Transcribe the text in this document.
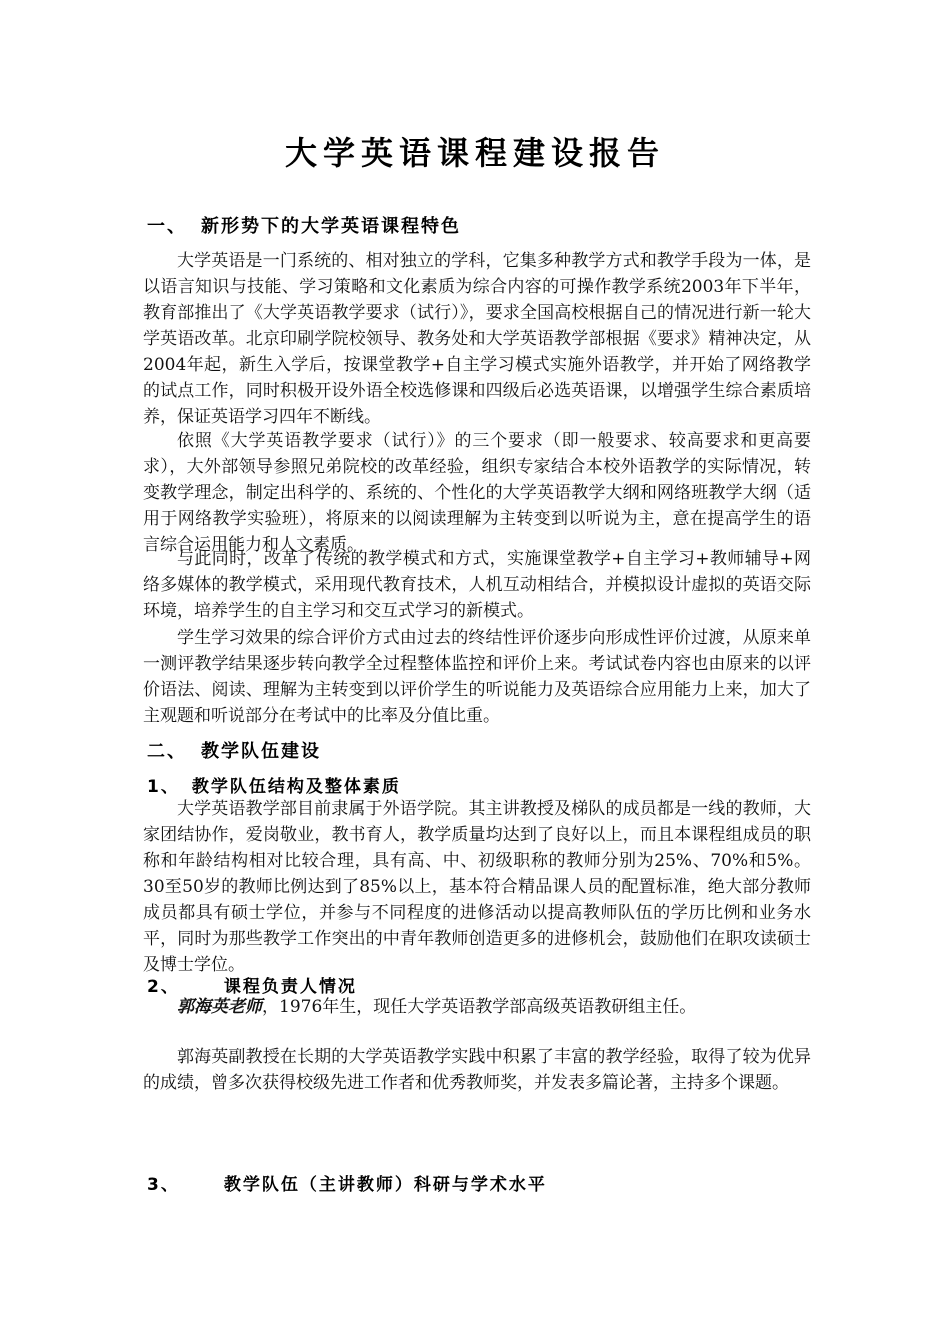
大学英语课程建设报告
一、 新形势下的大学英语课程特色

大学英语是一门系统的、相对独立的学科，它集多种教学方式和教学手段为一体，是以语言知识与技能、学习策略和文化素质为综合内容的可操作教学系统2003年下半年，教育部推出了《大学英语教学要求（试行）》，要求全国高校根据自己的情况进行新一轮大学英语改革。北京印刷学院校领导、教务处和大学英语教学部根据《要求》精神决定，从2004年起，新生入学后，按课堂教学+自主学习模式实施外语教学，并开始了网络教学的试点工作，同时积极开设外语全校选修课和四级后必选英语课，以增强学生综合素质培养，保证英语学习四年不断线。

依照《大学英语教学要求（试行）》的三个要求（即一般要求、较高要求和更高要求），大外部领导参照兄弟院校的改革经验，组织专家结合本校外语教学的实际情况，转变教学理念，制定出科学的、系统的、个性化的大学英语教学大纲和网络班教学大纲（适用于网络教学实验班），将原来的以阅读理解为主转变到以听说为主，意在提高学生的语言综合运用能力和人文素质。

与此同时，改革了传统的教学模式和方式，实施课堂教学+自主学习+教师辅导+网络多媒体的教学模式，采用现代教育技术，人机互动相结合，并模拟设计虚拟的英语交际环境，培养学生的自主学习和交互式学习的新模式。

学生学习效果的综合评价方式由过去的终结性评价逐步向形成性评价过渡，从原来单一测评教学结果逐步转向教学全过程整体监控和评价上来。考试试卷内容也由原来的以评价语法、阅读、理解为主转变到以评价学生的听说能力及英语综合应用能力上来，加大了主观题和听说部分在考试中的比率及分值比重。

二、 教学队伍建设
1、 教学队伍结构及整体素质

大学英语教学部目前隶属于外语学院。其主讲教授及梯队的成员都是一线的教师，大家团结协作，爱岗敬业，教书育人，教学质量均达到了良好以上，而且本课程组成员的职称和年龄结构相对比较合理，具有高、中、初级职称的教师分别为25%、70%和5%。30至50岁的教师比例达到了85%以上，基本符合精品课人员的配置标准，绝大部分教师成员都具有硕士学位，并参与不同程度的进修活动以提高教师队伍的学历比例和业务水平，同时为那些教学工作突出的中青年教师创造更多的进修机会，鼓励他们在职攻读硕士及博士学位。

2、	课程负责人情况

郭海英老师，1976年生，现任大学英语教学部高级英语教研组主任。

郭海英副教授在长期的大学英语教学实践中积累了丰富的教学经验，取得了较为优异的成绩，曾多次获得校级先进工作者和优秀教师奖，并发表多篇论著，主持多个课题。

3、	教学队伍（主讲教师）科研与学术水平
